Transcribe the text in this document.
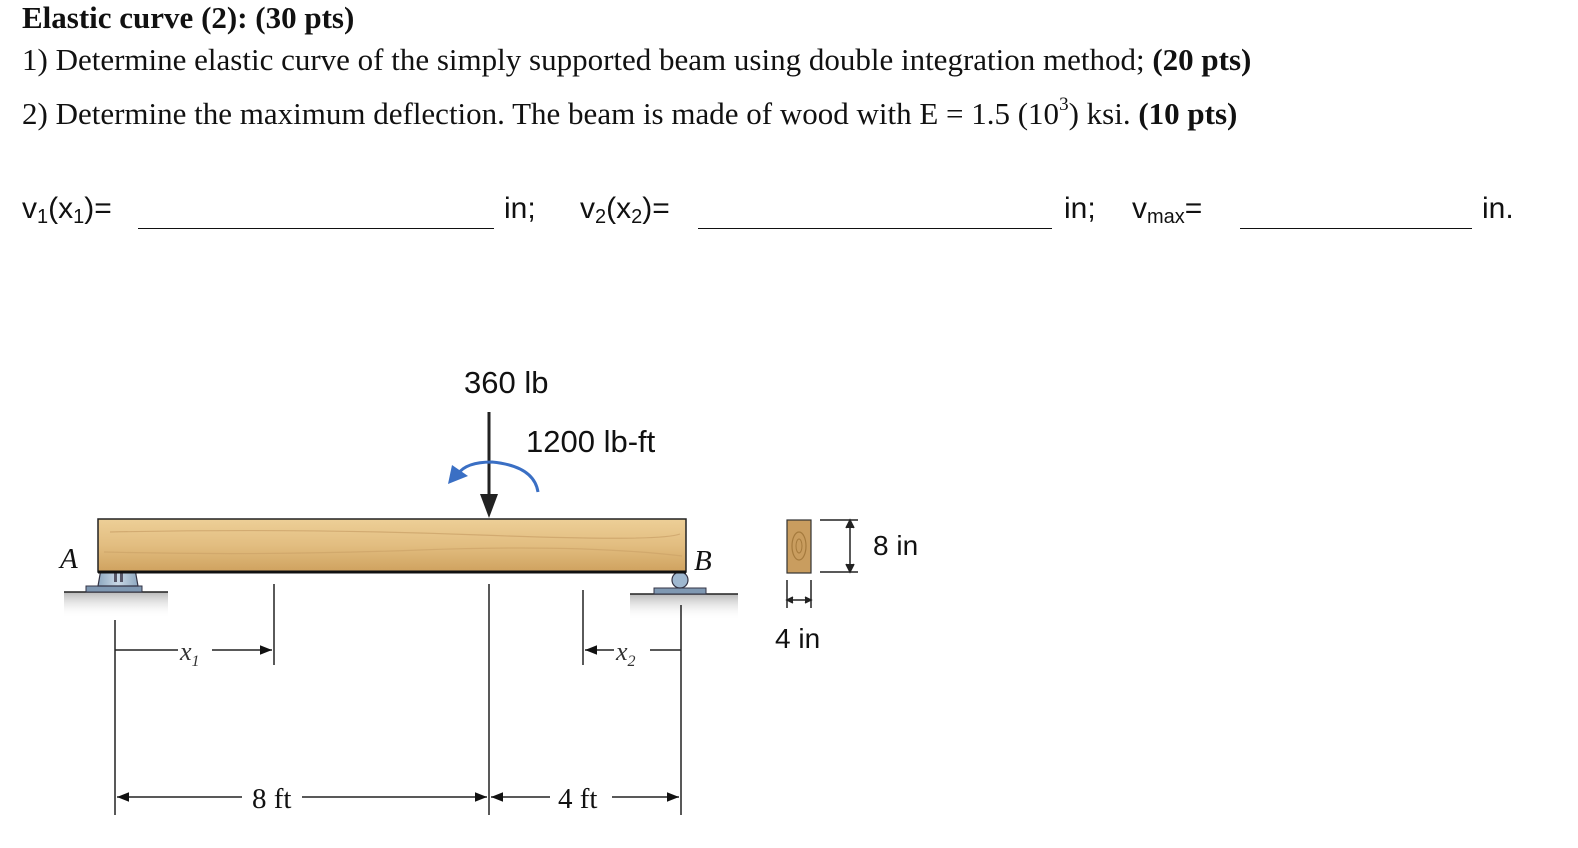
Elastic curve (2): (30 pts)
1) Determine elastic curve of the simply supported beam using double integration method; (20 pts)
2) Determine the maximum deflection. The beam is made of wood with E = 1.5 $(10^3)$ ksi. (10 pts)
$v_1(x_1)=$	in; $v_2(x_2)=$	in; $v_{max}=$	in.
360 lb
1200 lb-ft
A	B
$x_1$	$x_2$
8 ft	4 ft
8 in
4 in
